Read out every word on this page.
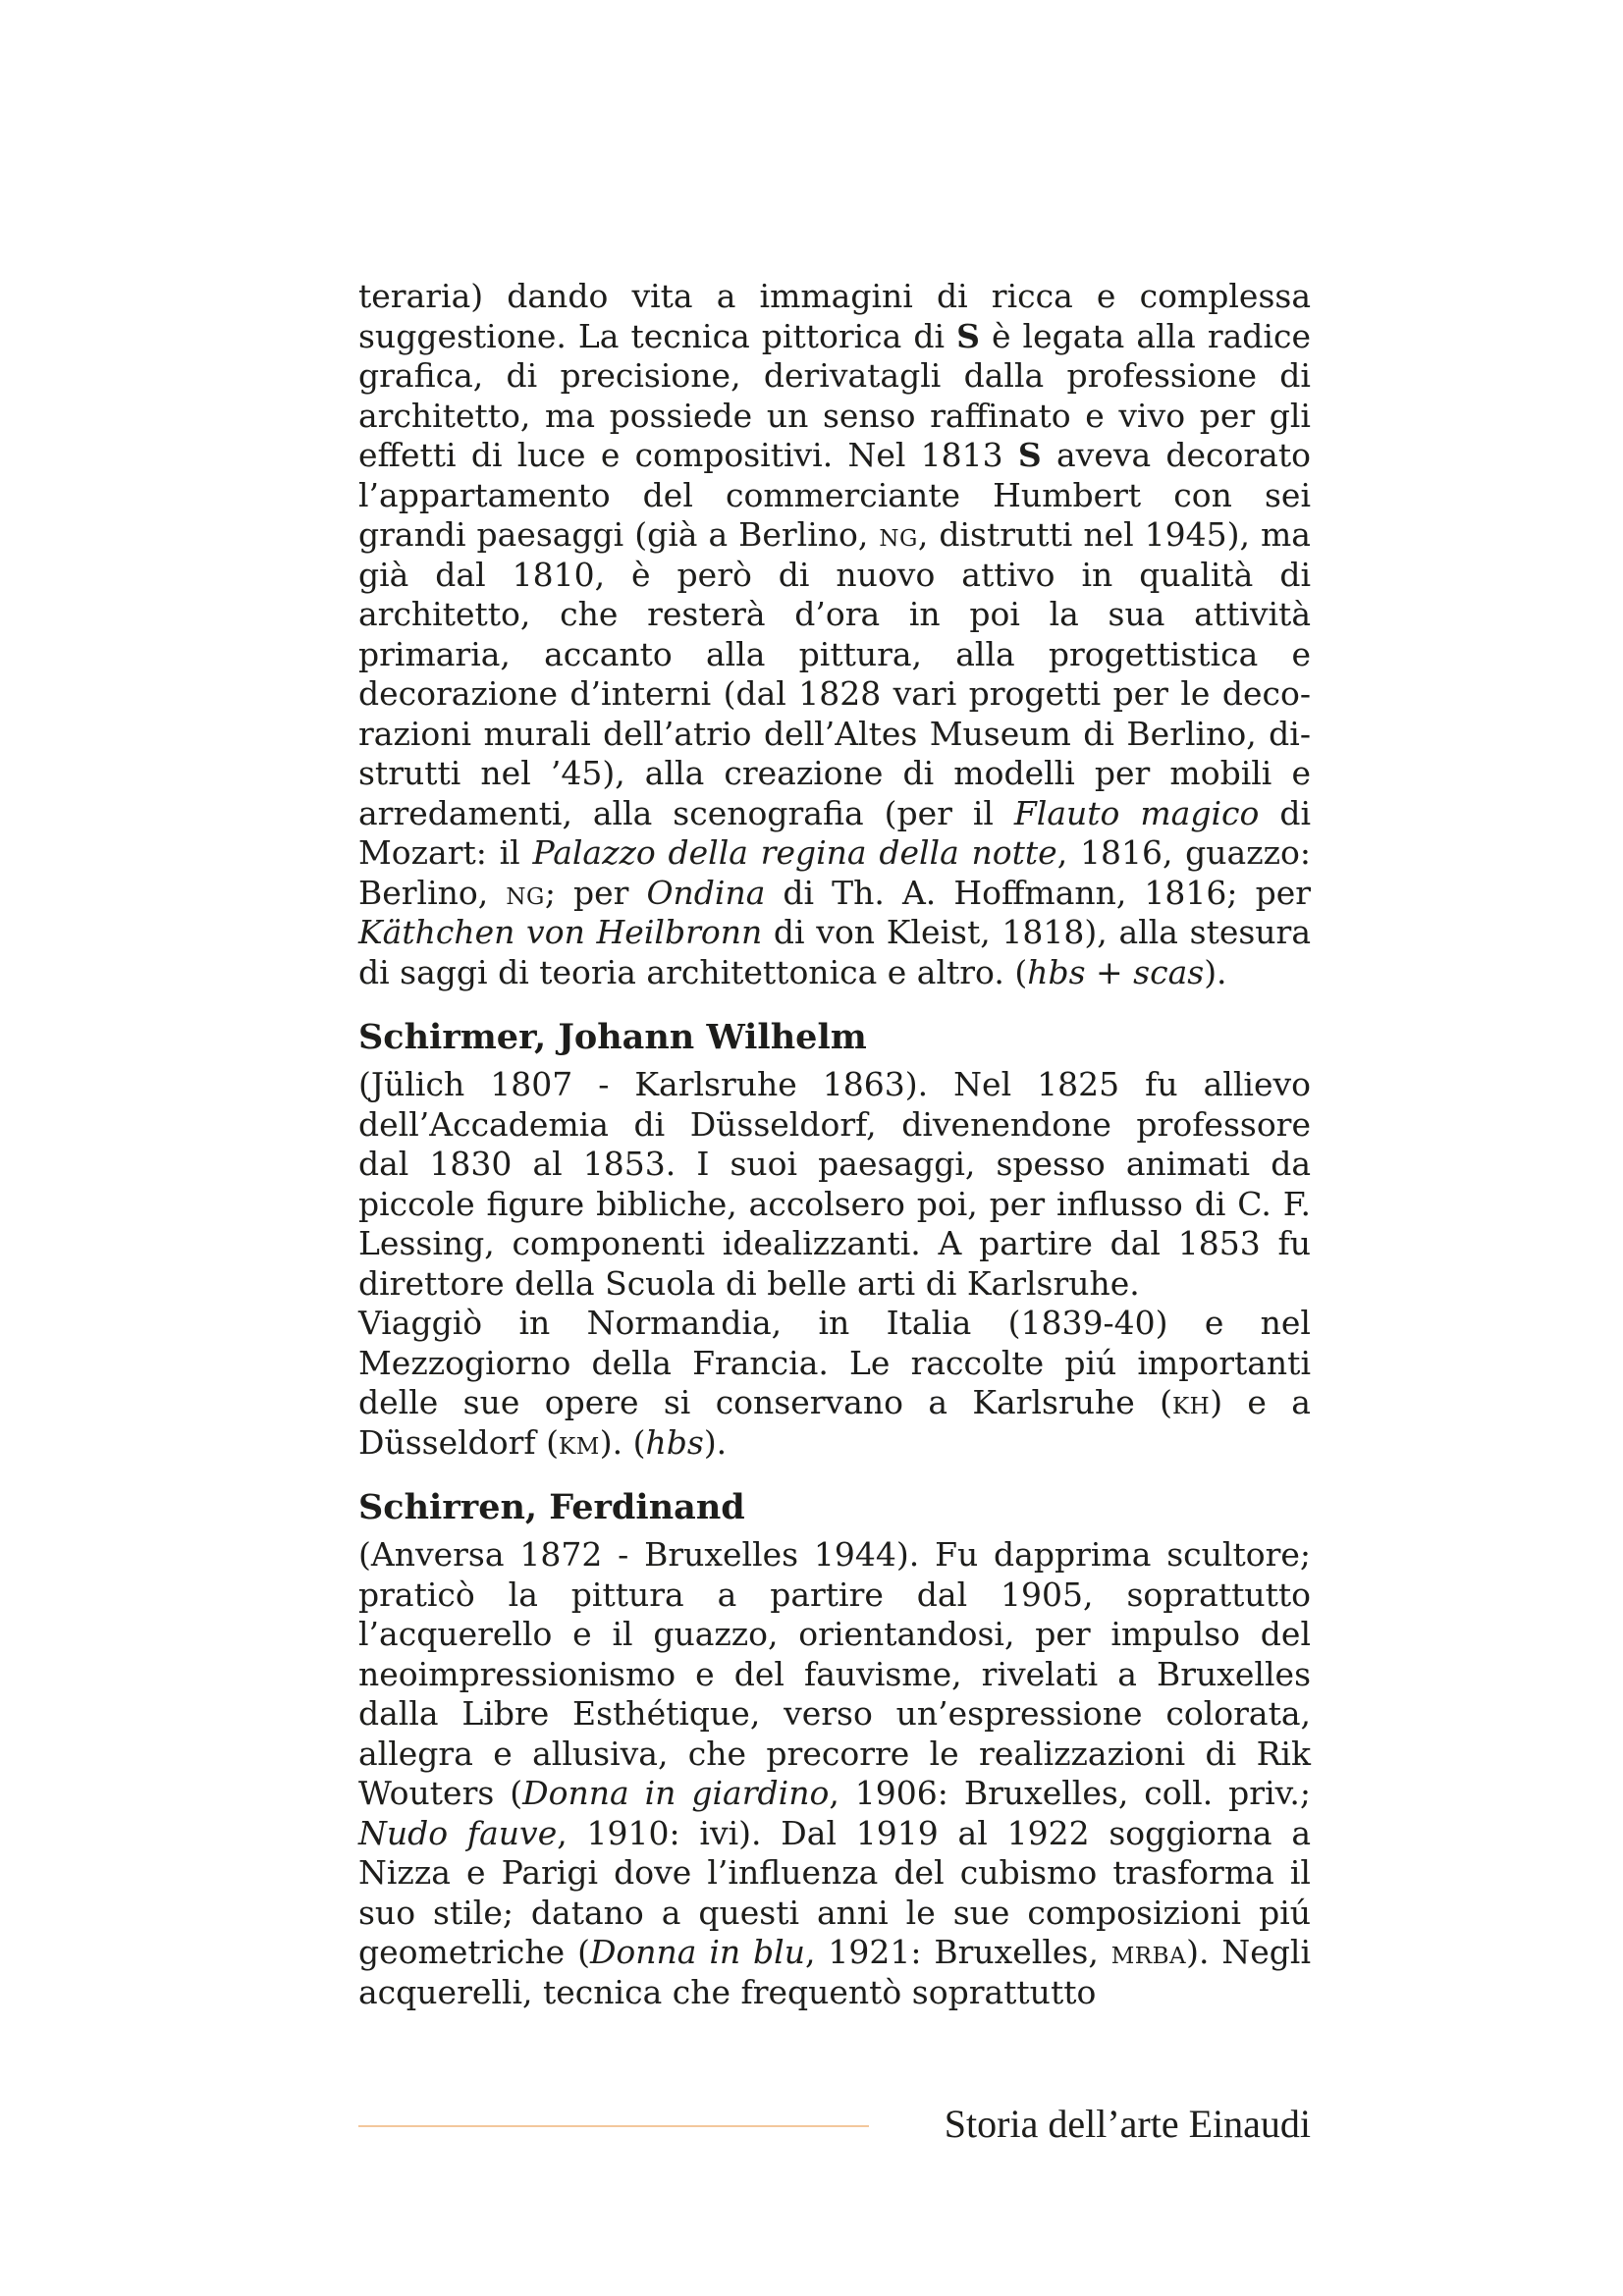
teraria) dando vita a immagini di ricca e complessa suggestione. La tecnica pittorica di S è legata alla radice grafica, di precisione, derivatagli dalla professione di architetto, ma possiede un senso raffinato e vivo per gli effetti di luce e compositivi. Nel 1813 S aveva decorato l’appartamento del commerciante Humbert con sei grandi paesaggi (già a Berlino, ng, distrutti nel 1945), ma già dal 1810, è però di nuovo attivo in qualità di architetto, che resterà d’ora in poi la sua attività primaria, accanto alla pittura, alla progettistica e decorazione d’interni (dal 1828 vari progetti per le decorazioni murali dell’atrio dell’Altes Museum di Berlino, distrutti nel ’45), alla creazione di modelli per mobili e arredamenti, alla scenografia (per il Flauto magico di Mozart: il Palazzo della regina della notte, 1816, guazzo: Berlino, ng; per Ondina di Th. A. Hoffmann, 1816; per Käthchen von Heilbronn di von Kleist, 1818), alla stesura di saggi di teoria architettonica e altro. (hbs + scas).

Schirmer, Johann Wilhelm

(Jülich 1807 - Karlsruhe 1863). Nel 1825 fu allievo dell’Accademia di Düsseldorf, divenendone professore dal 1830 al 1853. I suoi paesaggi, spesso animati da piccole figure bibliche, accolsero poi, per influsso di C. F. Lessing, componenti idealizzanti. A partire dal 1853 fu direttore della Scuola di belle arti di Karlsruhe.

Viaggiò in Normandia, in Italia (1839-40) e nel Mezzogiorno della Francia. Le raccolte piú importanti delle sue opere si conservano a Karlsruhe (kh) e a Düsseldorf (km). (hbs).

Schirren, Ferdinand

(Anversa 1872 - Bruxelles 1944). Fu dapprima scultore; praticò la pittura a partire dal 1905, soprattutto l’acquerello e il guazzo, orientandosi, per impulso del neoimpressionismo e del fauvisme, rivelati a Bruxelles dalla Libre Esthétique, verso un’espressione colorata, allegra e allusiva, che precorre le realizzazioni di Rik Wouters (Donna in giardino, 1906: Bruxelles, coll. priv.; Nudo fauve, 1910: ivi). Dal 1919 al 1922 soggiorna a Nizza e Parigi dove l’influenza del cubismo trasforma il suo stile; datano a questi anni le sue composizioni piú geometriche (Donna in blu, 1921: Bruxelles, mrba). Negli acquerelli, tecnica che frequentò soprattutto

Storia dell’arte Einaudi
